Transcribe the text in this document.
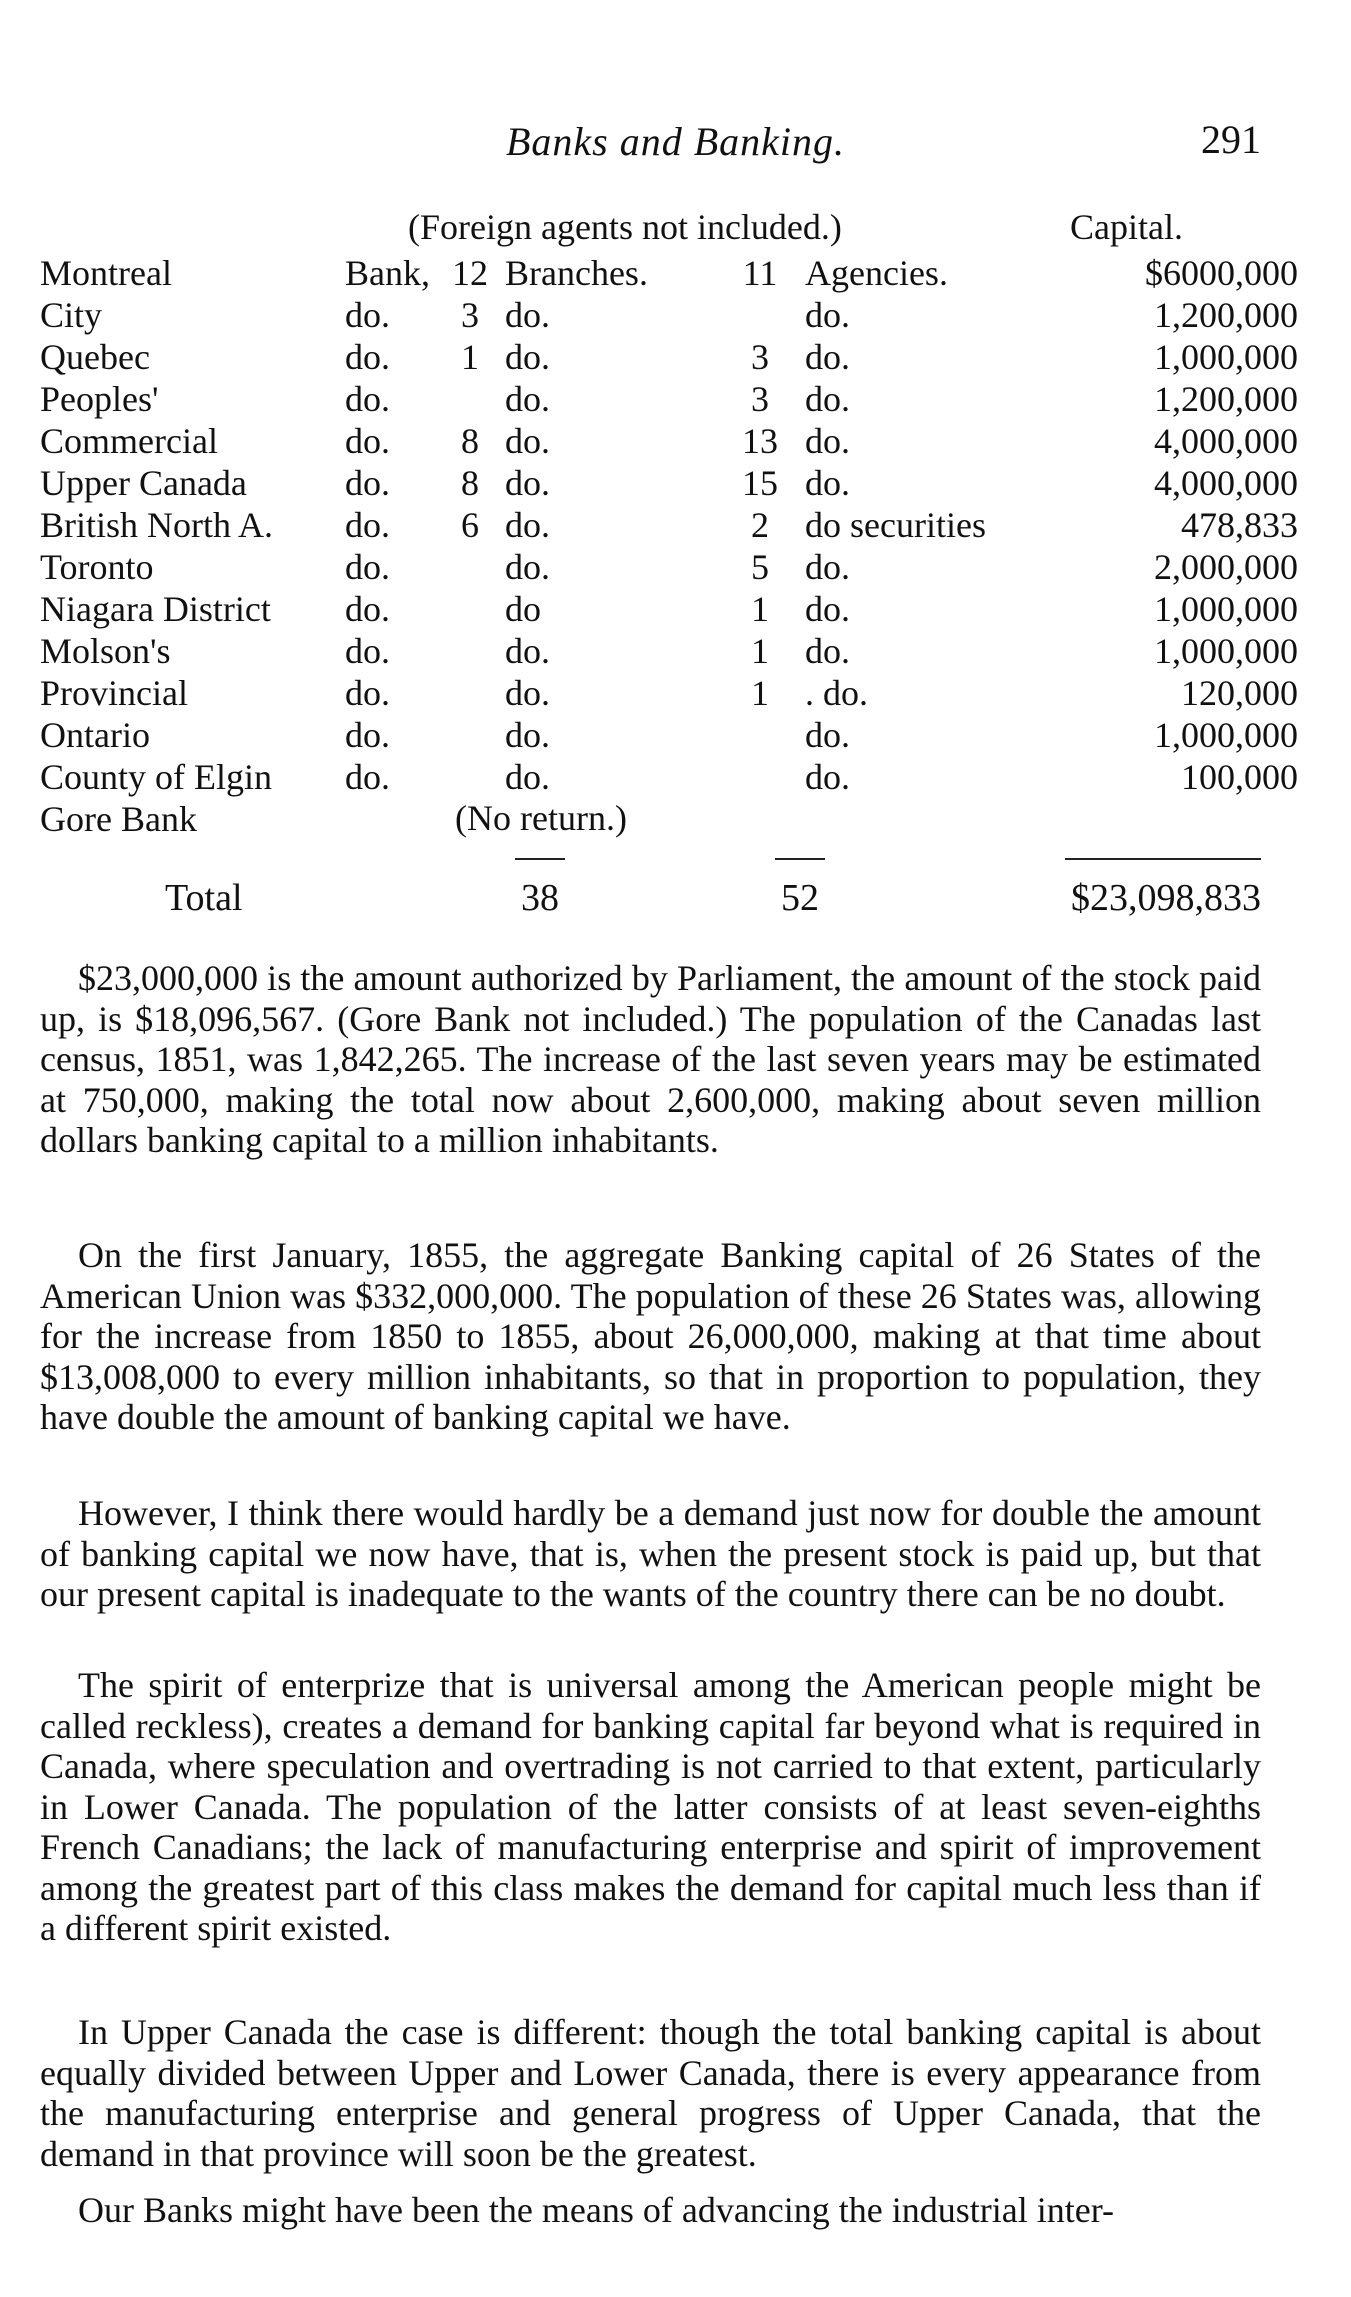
Banks and Banking.	291
(Foreign agents not included.)	Capital.
Montreal	Bank,	12	Branches.	11	Agencies.	$6000,000
City	do.	3	do.		do.	1,200,000
Quebec	do.	1	do.	3	do.	1,000,000
Peoples'	do.		do.	3	do.	1,200,000
Commercial	do.	8	do.	13	do.	4,000,000
Upper Canada	do.	8	do.	15	do.	4,000,000
British North A.	do.	6	do.	2	do securities	478,833
Toronto	do.		do.	5	do.	2,000,000
Niagara District	do.		do	1	do.	1,000,000
Molson's	do.		do.	1	do.	1,000,000
Provincial	do.		do.	1	. do.	120,000
Ontario	do.		do.		do.	1,000,000
County of Elgin	do.		do.		do.	100,000
Gore Bank							(No return.)
Total	38	52	$23,098,833

$23,000,000 is the amount authorized by Parliament, the amount of the stock paid up, is $18,096,567. (Gore Bank not included.) The population of the Canadas last census, 1851, was 1,842,265. The increase of the last seven years may be estimated at 750,000, making the total now about 2,600,000, making about seven million dollars banking capital to a million inhabitants.

On the first January, 1855, the aggregate Banking capital of 26 States of the American Union was $332,000,000. The population of these 26 States was, allowing for the increase from 1850 to 1855, about 26,000,000, making at that time about $13,008,000 to every million inhabitants, so that in proportion to population, they have double the amount of banking capital we have.

However, I think there would hardly be a demand just now for double the amount of banking capital we now have, that is, when the present stock is paid up, but that our present capital is inadequate to the wants of the country there can be no doubt.

The spirit of enterprize that is universal among the American people might be called reckless), creates a demand for banking capital far beyond what is required in Canada, where speculation and overtrading is not carried to that extent, particularly in Lower Canada. The population of the latter consists of at least seven-eighths French Canadians; the lack of manufacturing enterprise and spirit of improvement among the greatest part of this class makes the demand for capital much less than if a different spirit existed.

In Upper Canada the case is different: though the total banking capital is about equally divided between Upper and Lower Canada, there is every appearance from the manufacturing enterprise and general progress of Upper Canada, that the demand in that province will soon be the greatest.

Our Banks might have been the means of advancing the industrial inter-
